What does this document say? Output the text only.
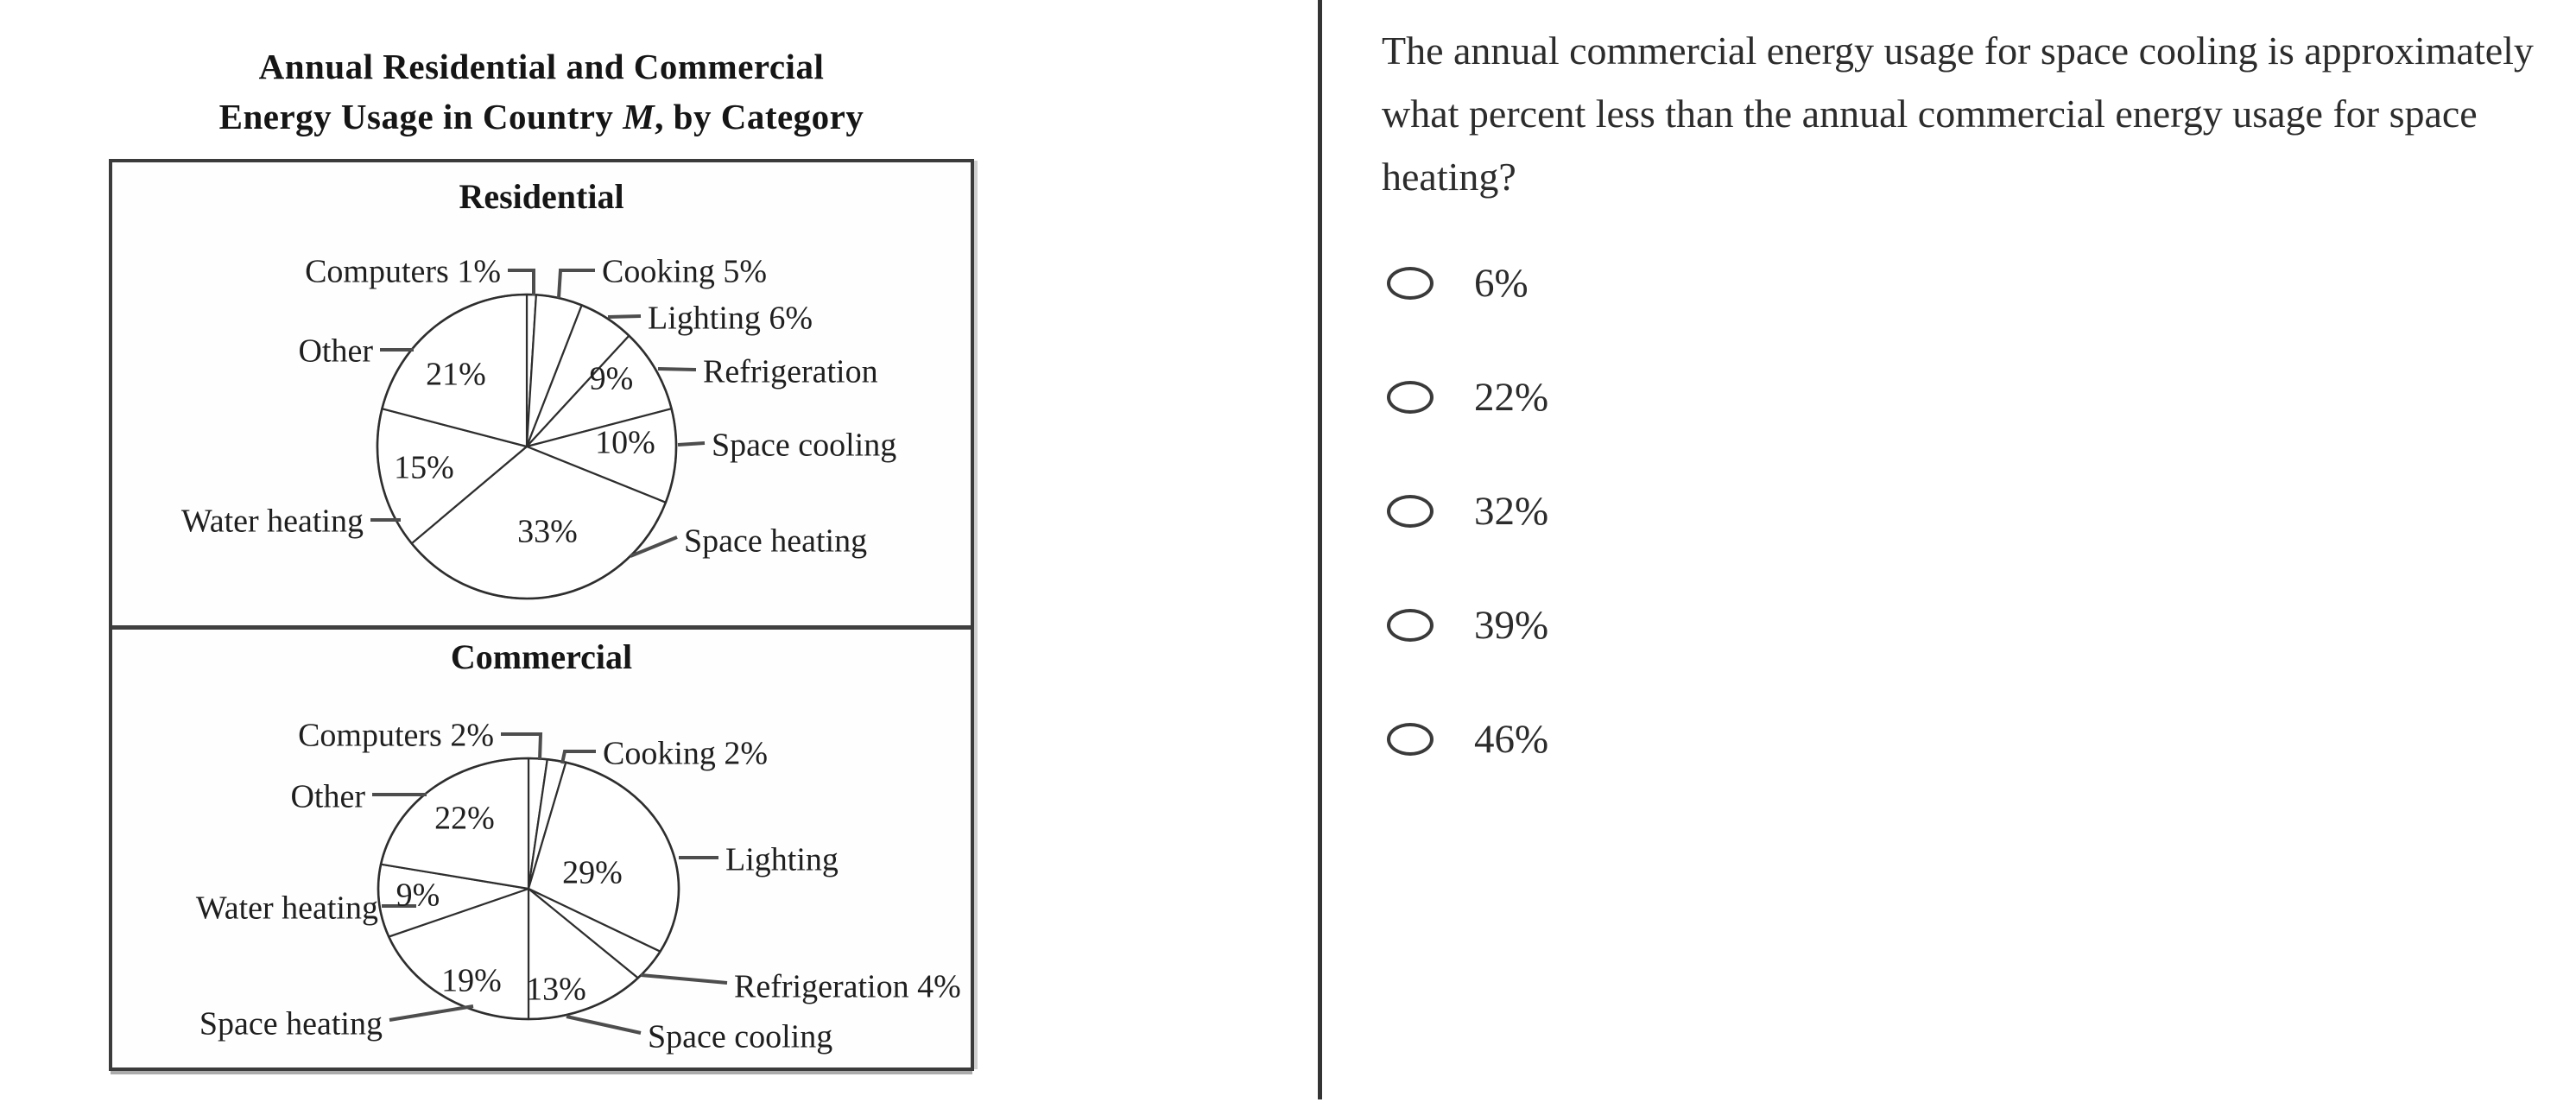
Annual Residential and Commercial
Energy Usage in Country M, by Category
Residential
Computers 1%	Cooking 5%
Lighting 6%
Refrigeration
9%
Space cooling
10%
Space heating
33%
Water heating
15%
Other
21%
Commercial
Computers 2%	Cooking 2%
Lighting
29%
Refrigeration 4%
Space cooling
13%
Space heating
19%
Water heating 9%
Other
22%
The annual commercial energy usage for space cooling is approximately what percent less than the annual commercial energy usage for space heating?
6%
22%
32%
39%
46%
